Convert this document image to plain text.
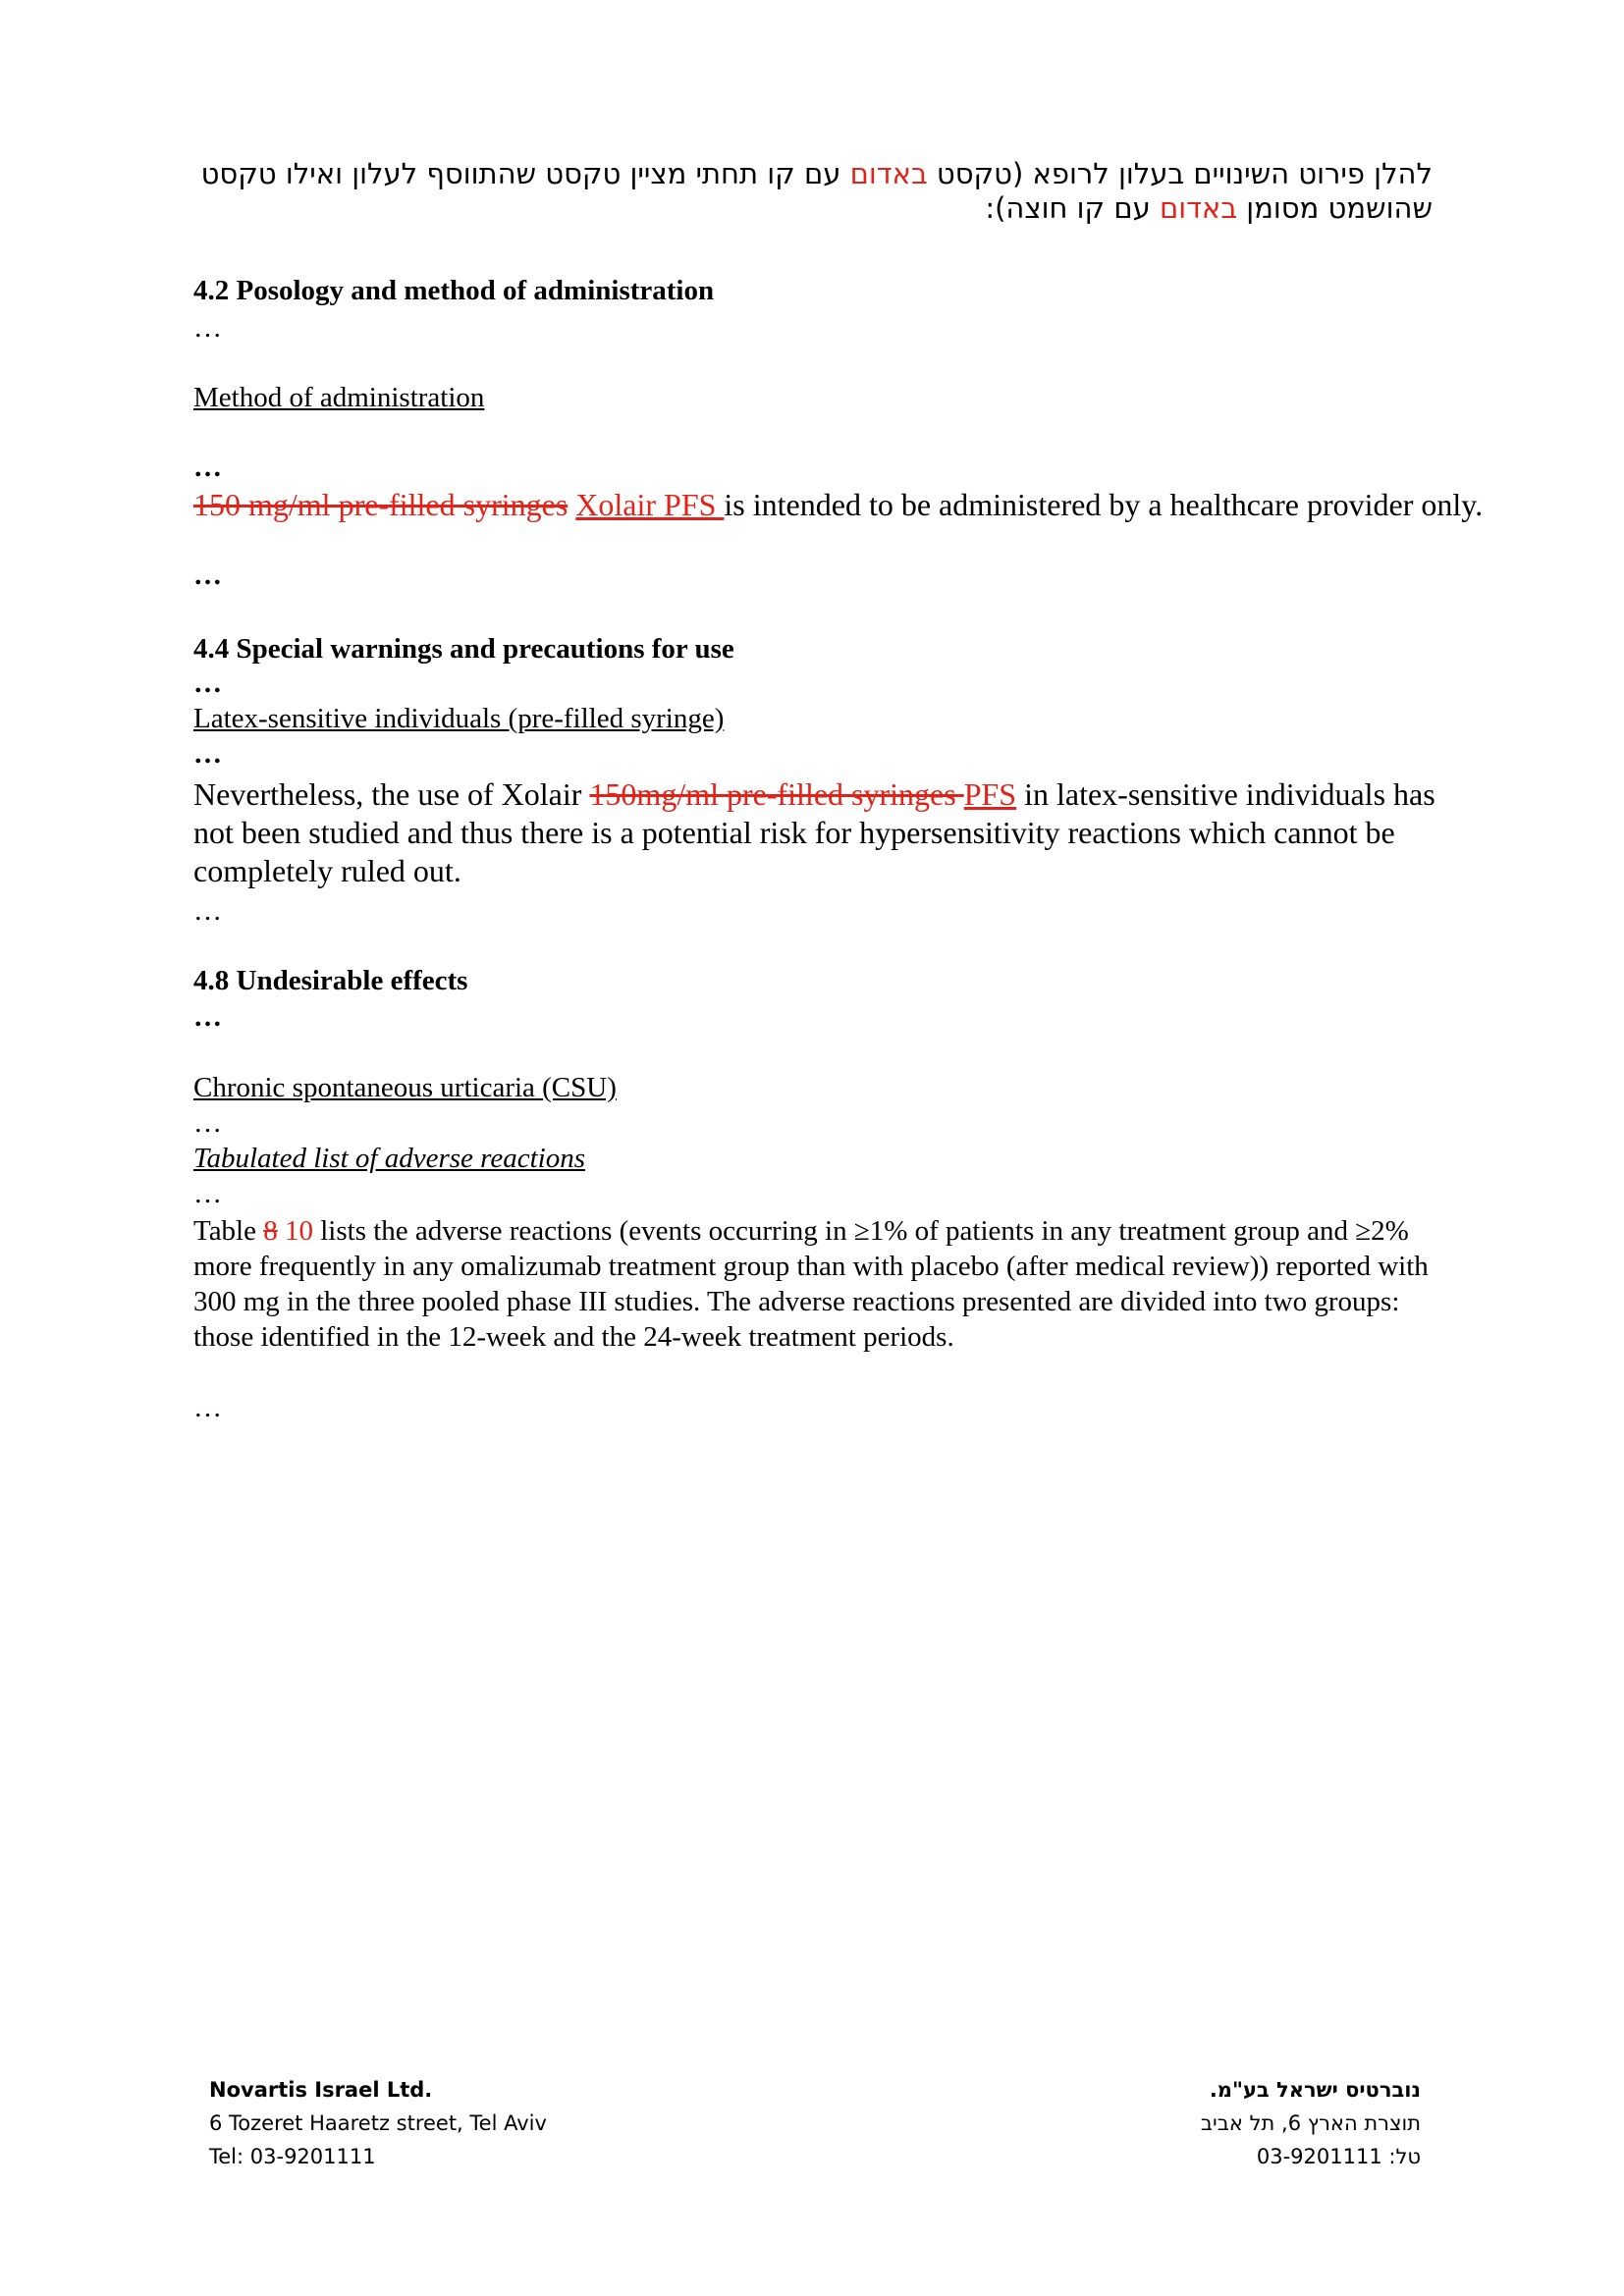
להלן פירוט השינויים בעלון לרופא (טקסט באדום עם קו תחתי מציין טקסט שהתווסף לעלון ואילו טקסט שהושמט מסומן באדום עם קו חוצה):
4.2 Posology and method of administration
…
Method of administration
…
150 mg/ml pre-filled syringes Xolair PFS is intended to be administered by a healthcare provider only.
…
4.4 Special warnings and precautions for use
…
Latex-sensitive individuals (pre-filled syringe)
…
Nevertheless, the use of Xolair 150mg/ml pre-filled syringes PFS in latex-sensitive individuals has not been studied and thus there is a potential risk for hypersensitivity reactions which cannot be completely ruled out.
…
4.8 Undesirable effects
…
Chronic spontaneous urticaria (CSU)
…
Tabulated list of adverse reactions
…
Table 8 10 lists the adverse reactions (events occurring in ≥1% of patients in any treatment group and ≥2% more frequently in any omalizumab treatment group than with placebo (after medical review)) reported with 300 mg in the three pooled phase III studies. The adverse reactions presented are divided into two groups: those identified in the 12-week and the 24-week treatment periods.
…
Novartis Israel Ltd.
6 Tozeret Haaretz street, Tel Aviv
Tel: 03-9201111
נוברטיס ישראל בע"מ.
תוצרת הארץ 6, תל אביב
טל: 03-9201111
